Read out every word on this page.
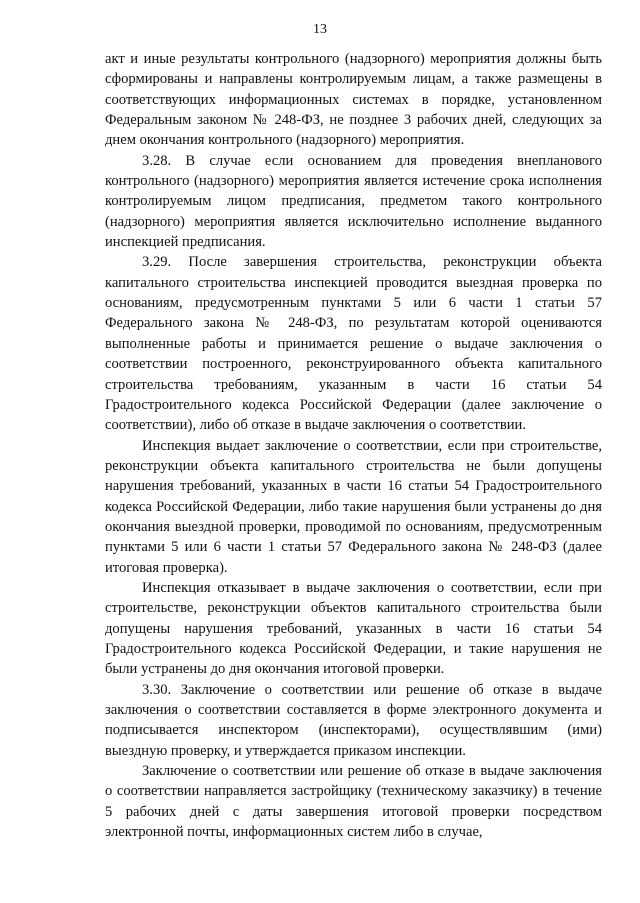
13

акт и иные результаты контрольного (надзорного) мероприятия должны быть сформированы и направлены контролируемым лицам, а также размещены в соответствующих информационных системах в порядке, установленном Федеральным законом № 248-ФЗ, не позднее 3 рабочих дней, следующих за днем окончания контрольного (надзорного) мероприятия.

3.28. В случае если основанием для проведения внепланового контрольного (надзорного) мероприятия является истечение срока исполнения контролируемым лицом предписания, предметом такого контрольного (надзорного) мероприятия является исключительно исполнение выданного инспекцией предписания.

3.29. После завершения строительства, реконструкции объекта капитального строительства инспекцией проводится выездная проверка по основаниям, предусмотренным пунктами 5 или 6 части 1 статьи 57 Федерального закона № 248-ФЗ, по результатам которой оцениваются выполненные работы и принимается решение о выдаче заключения о соответствии построенного, реконструированного объекта капитального строительства требованиям, указанным в части 16 статьи 54 Градостроительного кодекса Российской Федерации (далее заключение о соответствии), либо об отказе в выдаче заключения о соответствии.

Инспекция выдает заключение о соответствии, если при строительстве, реконструкции объекта капитального строительства не были допущены нарушения требований, указанных в части 16 статьи 54 Градостроительного кодекса Российской Федерации, либо такие нарушения были устранены до дня окончания выездной проверки, проводимой по основаниям, предусмотренным пунктами 5 или 6 части 1 статьи 57 Федерального закона № 248-ФЗ (далее итоговая проверка).

Инспекция отказывает в выдаче заключения о соответствии, если при строительстве, реконструкции объектов капитального строительства были допущены нарушения требований, указанных в части 16 статьи 54 Градостроительного кодекса Российской Федерации, и такие нарушения не были устранены до дня окончания итоговой проверки.

3.30. Заключение о соответствии или решение об отказе в выдаче заключения о соответствии составляется в форме электронного документа и подписывается инспектором (инспекторами), осуществлявшим (ими) выездную проверку, и утверждается приказом инспекции.

Заключение о соответствии или решение об отказе в выдаче заключения о соответствии направляется застройщику (техническому заказчику) в течение 5 рабочих дней с даты завершения итоговой проверки посредством электронной почты, информационных систем либо в случае,
